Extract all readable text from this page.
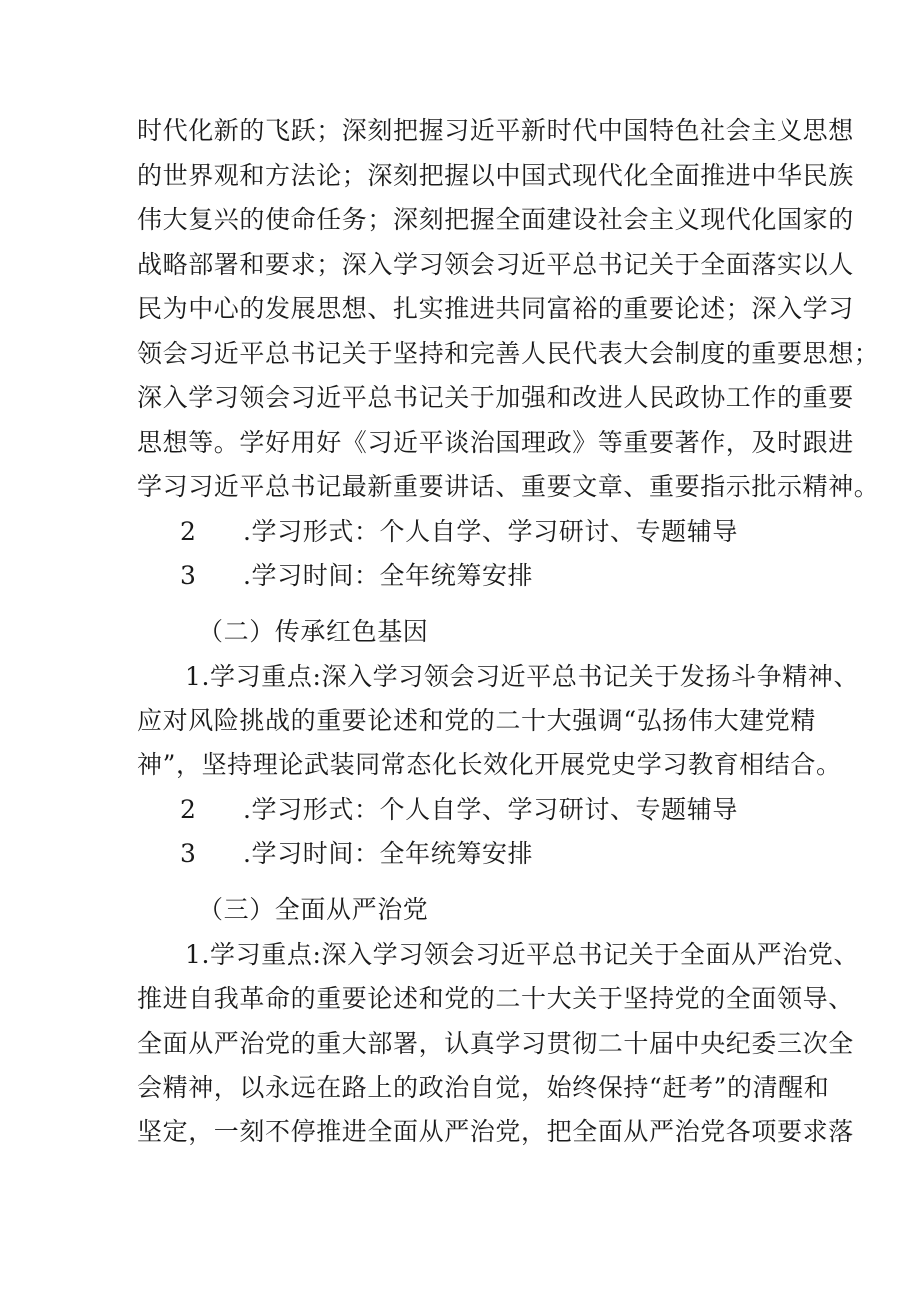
时代化新的飞跃；深刻把握习近平新时代中国特色社会主义思想
的世界观和方法论；深刻把握以中国式现代化全面推进中华民族
伟大复兴的使命任务；深刻把握全面建设社会主义现代化国家的
战略部署和要求；深入学习领会习近平总书记关于全面落实以人
民为中心的发展思想、扎实推进共同富裕的重要论述；深入学习
领会习近平总书记关于坚持和完善人民代表大会制度的重要思想；
深入学习领会习近平总书记关于加强和改进人民政协工作的重要
思想等。学好用好《习近平谈治国理政》等重要著作，及时跟进
学习习近平总书记最新重要讲话、重要文章、重要指示批示精神。
2 .学习形式：个人自学、学习研讨、专题辅导
3 .学习时间：全年统筹安排
（二）传承红色基因
1.学习重点:深入学习领会习近平总书记关于发扬斗争精神、
应对风险挑战的重要论述和党的二十大强调“弘扬伟大建党精
神”，坚持理论武装同常态化长效化开展党史学习教育相结合。
2 .学习形式：个人自学、学习研讨、专题辅导
3 .学习时间：全年统筹安排
（三）全面从严治党
1.学习重点:深入学习领会习近平总书记关于全面从严治党、
推进自我革命的重要论述和党的二十大关于坚持党的全面领导、
全面从严治党的重大部署，认真学习贯彻二十届中央纪委三次全
会精神，以永远在路上的政治自觉，始终保持“赶考”的清醒和
坚定，一刻不停推进全面从严治党，把全面从严治党各项要求落
